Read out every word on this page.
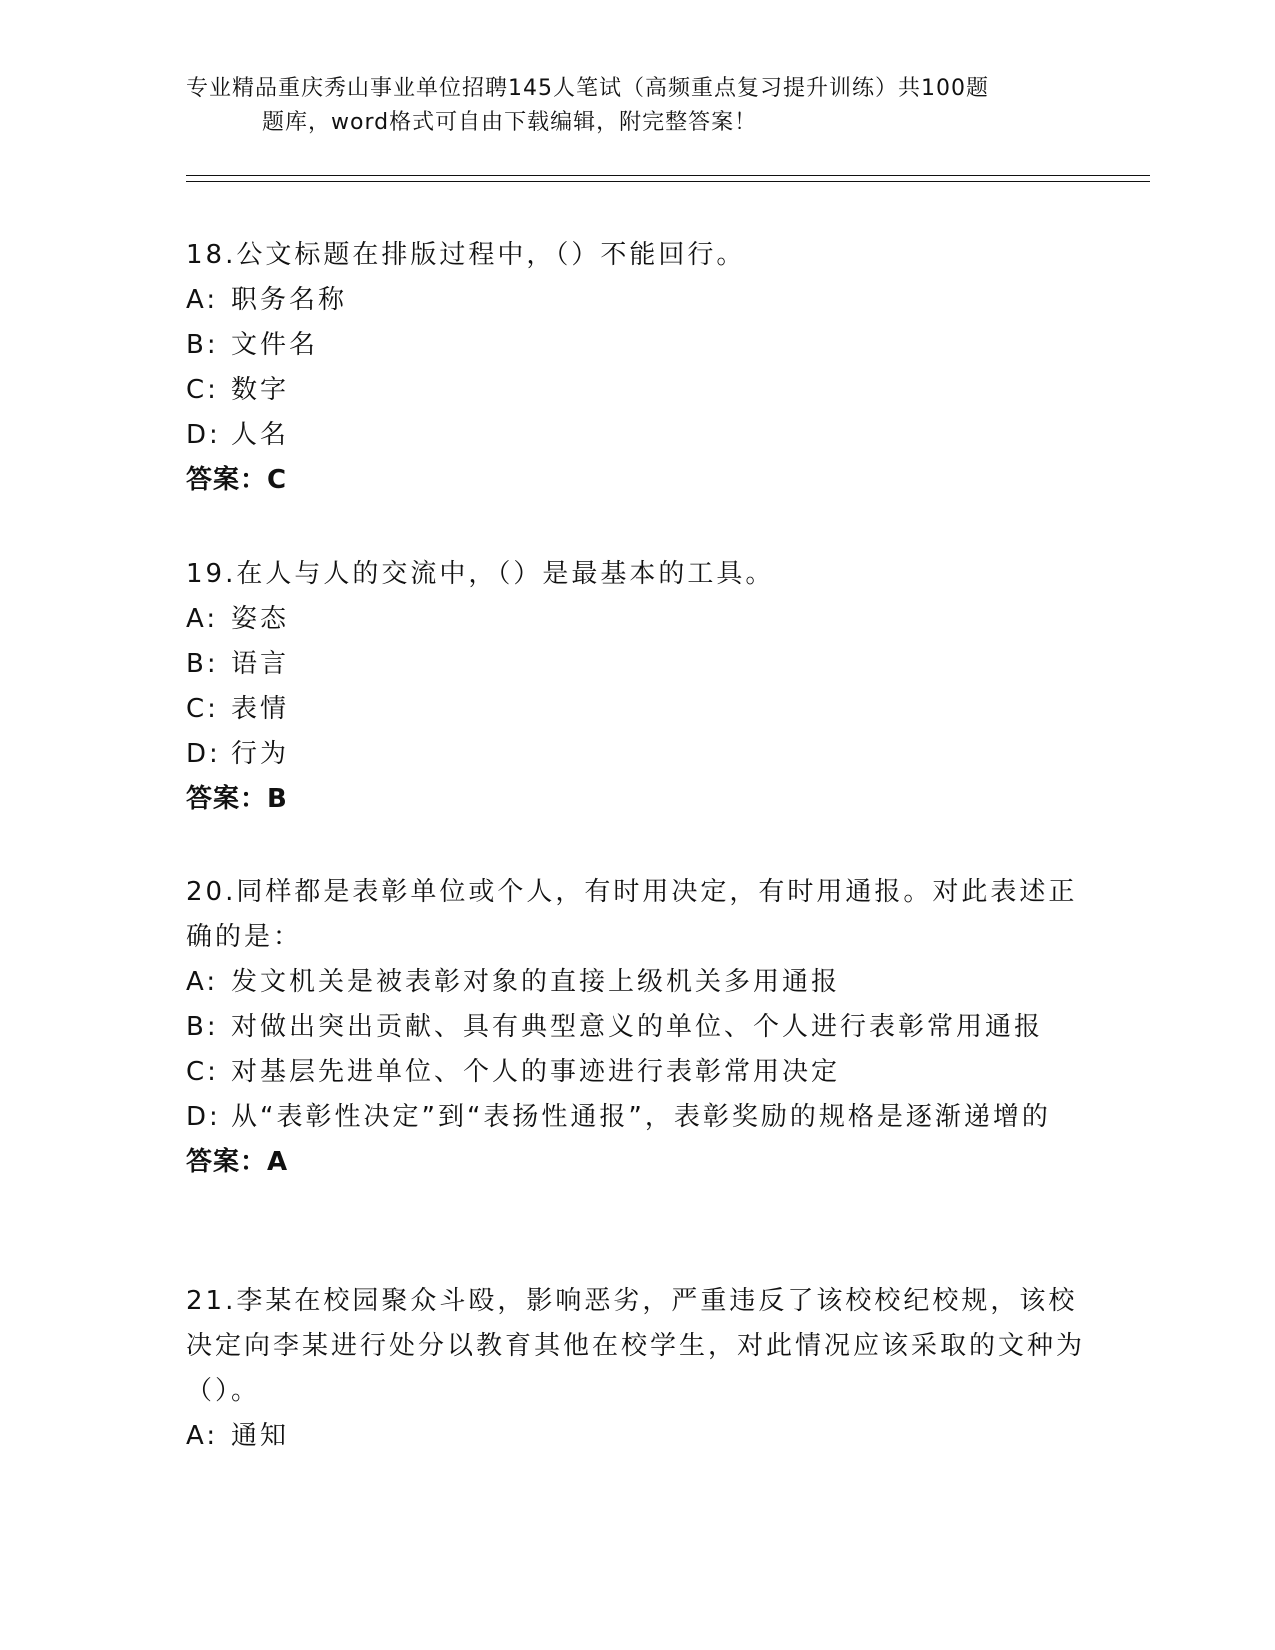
专业精品重庆秀山事业单位招聘145人笔试（高频重点复习提升训练）共100题
题库，word格式可自由下载编辑，附完整答案！

18.公文标题在排版过程中，（）不能回行。

A: 职务名称

B: 文件名

C: 数字

D: 人名

答案：C

19.在人与人的交流中，（）是最基本的工具。

A: 姿态

B: 语言

C: 表情

D: 行为

答案：B

20.同样都是表彰单位或个人，有时用决定，有时用通报。对此表述正确的是：

A: 发文机关是被表彰对象的直接上级机关多用通报

B: 对做出突出贡献、具有典型意义的单位、个人进行表彰常用通报

C: 对基层先进单位、个人的事迹进行表彰常用决定

D: 从“表彰性决定”到“表扬性通报”，表彰奖励的规格是逐渐递增的

答案：A

21.李某在校园聚众斗殴，影响恶劣，严重违反了该校校纪校规，该校决定向李某进行处分以教育其他在校学生，对此情况应该采取的文种为（）。

A: 通知
